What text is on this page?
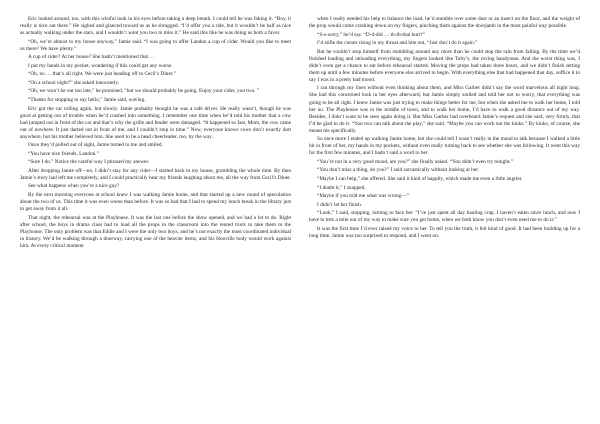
Eric looked around, too, with this wistful look in his eyes before taking a deep breath. I could tell he was faking it. “Boy, it really is nice out there.” He sighed and glanced toward us as he shrugged. “I’d offer you a ride, but it wouldn’t be half as nice as actually walking under the stars, and I wouldn’t want you two to miss it.” He said this like he was doing us both a favor.

“Oh, we’re almost to my house anyway,” Jamie said. “I was going to offer Landon a cup of cider. Would you like to meet us there? We have plenty.”

A cup of cider? At her house? She hadn’t mentioned that. . .

I put my hands in my pocket, wondering if this could get any worse.

“Oh, no … that’s all right. We were just heading off to Cecil’s Diner.”

“On a school night?” she asked innocently.

“Oh, we won’t be out too late,” he promised, “but we should probably be going. Enjoy your cider, you two. ”

“Thanks for stopping to say hello,” Jamie said, waving.

Eric got the car rolling again, but slowly. Jamie probably thought he was a safe driver. He really wasn’t, though he was good at getting out of trouble when he’d crashed into something. I remember one time when he’d told his mother that a cow had jumped out in front of the car and that’s why the grille and fender were damaged. “It happened so fast, Mom, the cow came out of nowhere. It just darted out in front of me, and I couldn’t stop in time.” Now, everyone knows cows don’t exactly dart anywhere, but his mother believed him. She used to be a head cheerleader, too, by the way.

Once they’d pulled out of sight, Jamie turned to me and smiled.

“You have nice friends, Landon.”

“Sure I do.” Notice the careful way I phrased my answer.

After dropping Jamie off—no, I didn’t stay for any cider—I started back to my house, grumbling the whole time. By then Jamie’s story had left me completely, and I could practically hear my friends laughing about me, all the way from Cecil’s Diner.

See what happens when you’re a nice guy?

By the next morning everyone at school knew I was walking Jamie home, and that started up a new round of speculation about the two of us. This time it was even worse than before. It was so bad that I had to spend my lunch break in the library just to get away from it all.

That night, the rehearsal was at the Playhouse. It was the last one before the show opened, and we had a lot to do. Right after school, the boys in drama class had to load all the props in the classroom into the rented truck to take them to the Playhouse. The only problem was that Eddie and I were the only two boys, and he’s not exactly the most coordinated individual in history. We’d be walking through a doorway, carrying one of the heavier items, and his Hooville body would work against him. At every critical moment

when I really needed his help to balance the load, he’d stumble over some dust or an insect on the floor, and the weight of the prop would come crashing down on my fingers, pinching them against the doorjamb in the most painful way possible.

“S-s-sorry,” he’d say. “D-d-did … th-th-that hurt?”

I’d stifle the curses rising in my throat and bite out, “Just don’t do it again.”

But he couldn’t stop himself from stumbling around any more than he could stop the rain from falling. By the time we’d finished loading and unloading everything, my fingers looked like Toby’s, the roving handyman. And the worst thing was, I didn’t even get a chance to eat before rehearsal started. Moving the props had taken three hours, and we didn’t finish setting them up until a few minutes before everyone else arrived to begin. With everything else that had happened that day, suffice it to say I was in a pretty bad mood.

I ran through my lines without even thinking about them, and Miss Garber didn’t say the word marvelous all night long. She had this concerned look in her eyes afterward, but Jamie simply smiled and told her not to worry, that everything was going to be all right. I knew Jamie was just trying to make things better for me, but when she asked me to walk her home, I told her no. The Playhouse was in the middle of town, and to walk her home, I’d have to walk a good distance out of my way. Besides, I didn’t want to be seen again doing it. But Miss Garber had overheard Jamie’s request and she said, very firmly, that I’d be glad to do it. “You two can talk about the play,” she said. “Maybe you can work out the kinks.” By kinks, of course, she meant me specifically.

So once more I ended up walking Jamie home, but she could tell I wasn’t really in the mood to talk because I walked a little bit in front of her, my hands in my pockets, without even really turning back to see whether she was following. It went this way for the first few minutes, and I hadn’t said a word to her.

“You’re not in a very good mood, are you?” she finally asked. “You didn’t even try tonight.”

“You don’t miss a thing, do you?” I said sarcastically without looking at her.

“Maybe I can help,” she offered. She said it kind of happily, which made me even a little angrier.

“I doubt it,” I snapped.

“Maybe if you told me what was wrong—”

I didn’t let her finish.

“Look,” I said, stopping, turning to face her. “I’ve just spent all day hauling crap, I haven’t eaten since lunch, and now I have to trek a mile out of my way to make sure you get home, when we both know you don’t even need me to do it.”

It was the first time I’d ever raised my voice to her. To tell you the truth, it felt kind of good. It had been building up for a long time. Jamie was too surprised to respond, and I went on.
